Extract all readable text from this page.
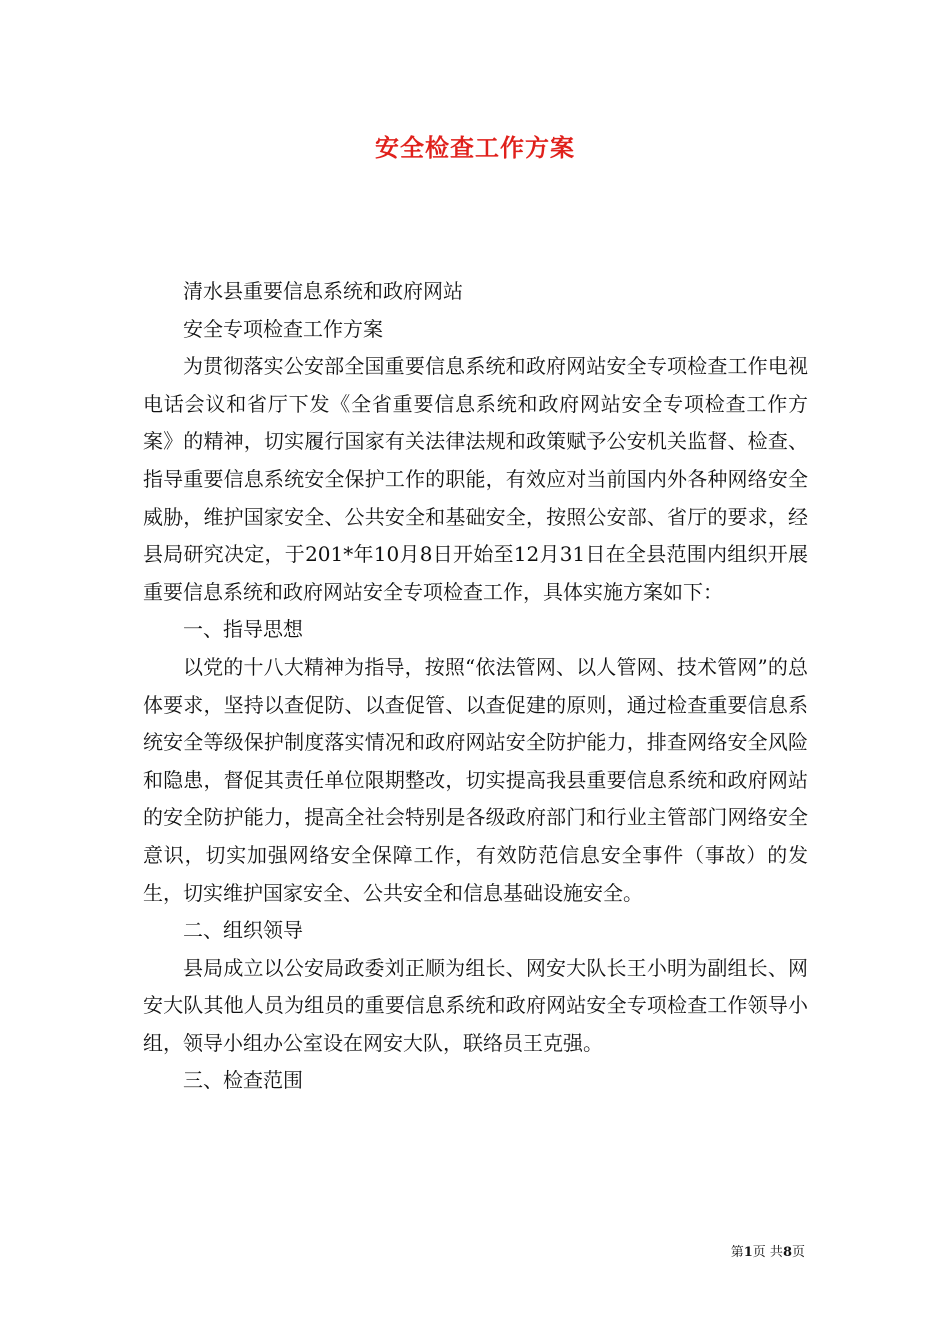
安全检查工作方案

清水县重要信息系统和政府网站

安全专项检查工作方案

为贯彻落实公安部全国重要信息系统和政府网站安全专项检查工作电视电话会议和省厅下发《全省重要信息系统和政府网站安全专项检查工作方案》的精神，切实履行国家有关法律法规和政策赋予公安机关监督、检查、指导重要信息系统安全保护工作的职能，有效应对当前国内外各种网络安全威胁，维护国家安全、公共安全和基础安全，按照公安部、省厅的要求，经县局研究决定，于201*年10月8日开始至12月31日在全县范围内组织开展重要信息系统和政府网站安全专项检查工作，具体实施方案如下：

一、指导思想

以党的十八大精神为指导，按照“依法管网、以人管网、技术管网”的总体要求，坚持以查促防、以查促管、以查促建的原则，通过检查重要信息系统安全等级保护制度落实情况和政府网站安全防护能力，排查网络安全风险和隐患，督促其责任单位限期整改，切实提高我县重要信息系统和政府网站的安全防护能力，提高全社会特别是各级政府部门和行业主管部门网络安全意识，切实加强网络安全保障工作，有效防范信息安全事件（事故）的发生，切实维护国家安全、公共安全和信息基础设施安全。

二、组织领导

县局成立以公安局政委刘正顺为组长、网安大队长王小明为副组长、网安大队其他人员为组员的重要信息系统和政府网站安全专项检查工作领导小组，领导小组办公室设在网安大队，联络员王克强。

三、检查范围

第1页 共8页
